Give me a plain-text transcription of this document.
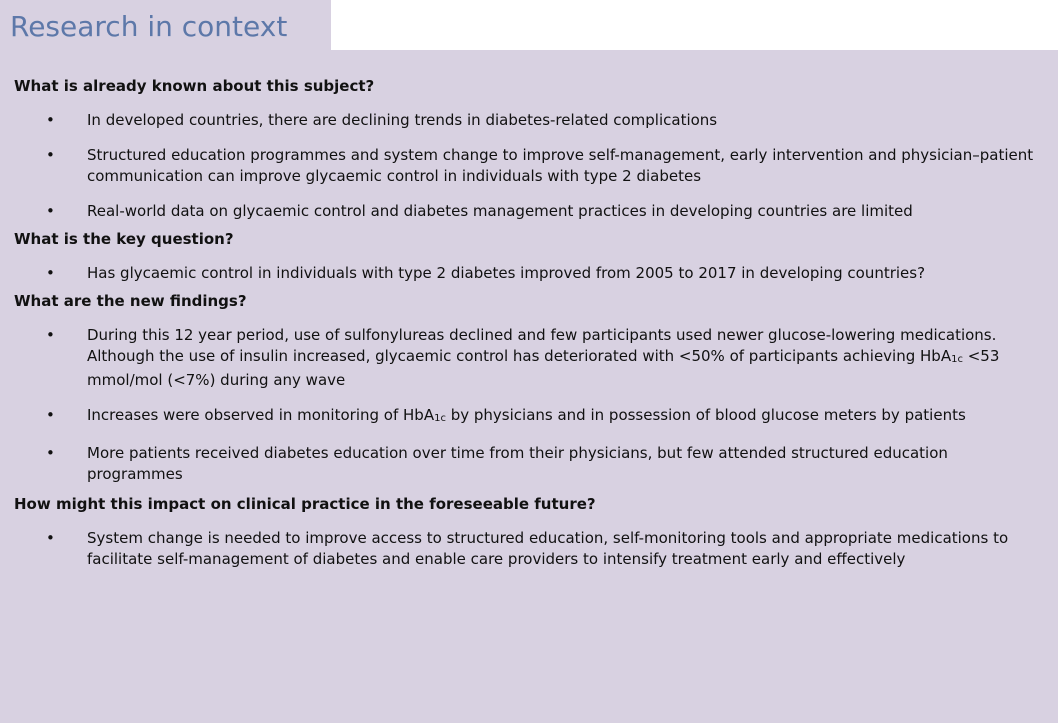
Research in context
What is already known about this subject?
• In developed countries, there are declining trends in diabetes-related complications
• Structured education programmes and system change to improve self-management, early intervention and physician–patient communication can improve glycaemic control in individuals with type 2 diabetes
• Real-world data on glycaemic control and diabetes management practices in developing countries are limited
What is the key question?
• Has glycaemic control in individuals with type 2 diabetes improved from 2005 to 2017 in developing countries?
What are the new findings?
• During this 12 year period, use of sulfonylureas declined and few participants used newer glucose-lowering medications. Although the use of insulin increased, glycaemic control has deteriorated with <50% of participants achieving HbA1c <53 mmol/mol (<7%) during any wave
• Increases were observed in monitoring of HbA1c by physicians and in possession of blood glucose meters by patients
• More patients received diabetes education over time from their physicians, but few attended structured education programmes
How might this impact on clinical practice in the foreseeable future?
• System change is needed to improve access to structured education, self-monitoring tools and appropriate medications to facilitate self-management of diabetes and enable care providers to intensify treatment early and effectively
